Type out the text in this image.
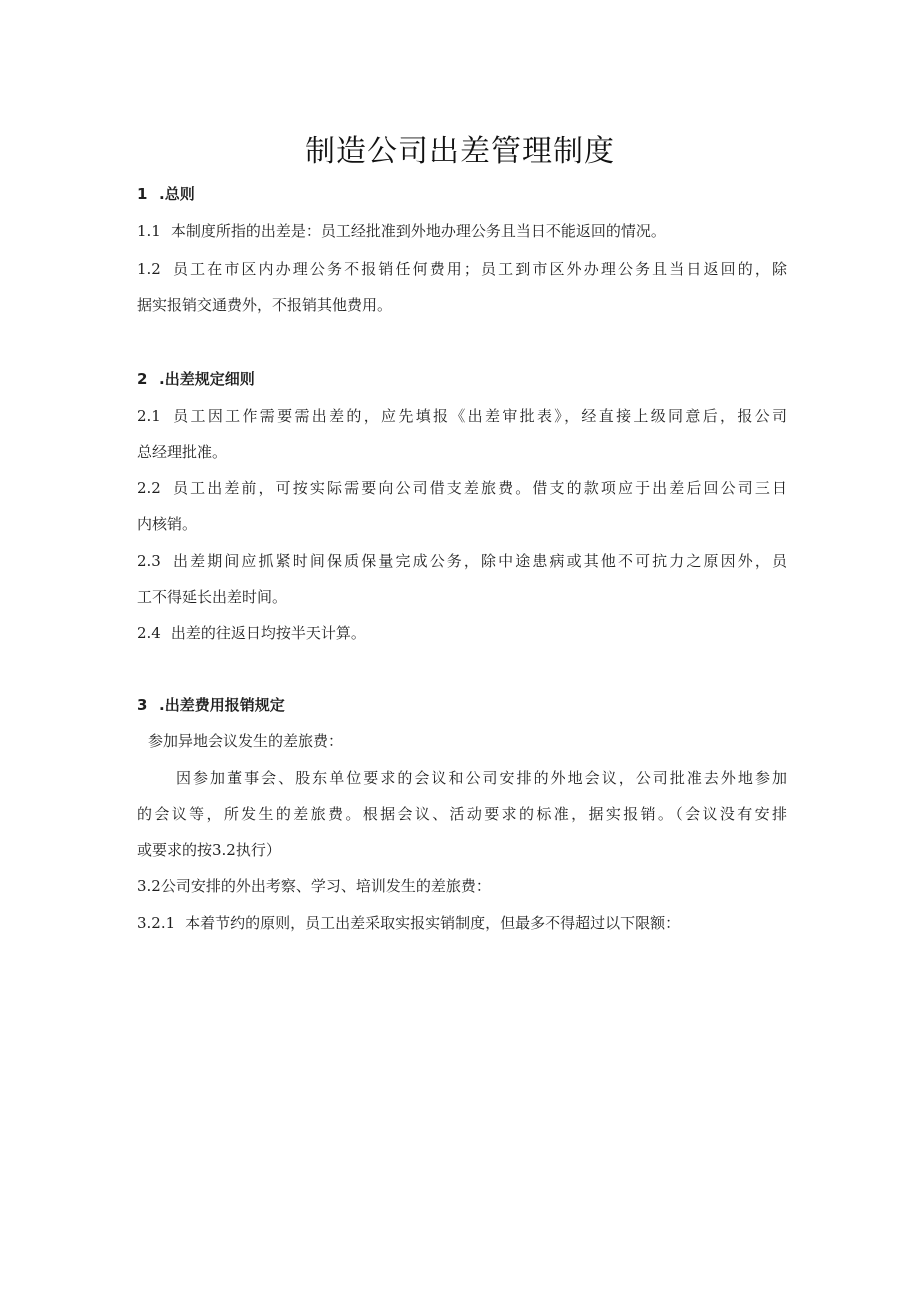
制造公司出差管理制度
1 .总则
1.1 本制度所指的出差是：员工经批准到外地办理公务且当日不能返回的情况。
1.2 员工在市区内办理公务不报销任何费用；员工到市区外办理公务且当日返回的，除
据实报销交通费外，不报销其他费用。
2 .出差规定细则
2.1 员工因工作需要需出差的，应先填报《出差审批表》，经直接上级同意后，报公司
总经理批准。
2.2 员工出差前，可按实际需要向公司借支差旅费。借支的款项应于出差后回公司三日
内核销。
2.3 出差期间应抓紧时间保质保量完成公务，除中途患病或其他不可抗力之原因外，员
工不得延长出差时间。
2.4 出差的往返日均按半天计算。
3 .出差费用报销规定
参加异地会议发生的差旅费：
因参加董事会、股东单位要求的会议和公司安排的外地会议，公司批准去外地参加
的会议等，所发生的差旅费。根据会议、活动要求的标准，据实报销。（会议没有安排
或要求的按3.2执行）
3.2公司安排的外出考察、学习、培训发生的差旅费：
3.2.1 本着节约的原则，员工出差采取实报实销制度，但最多不得超过以下限额：
